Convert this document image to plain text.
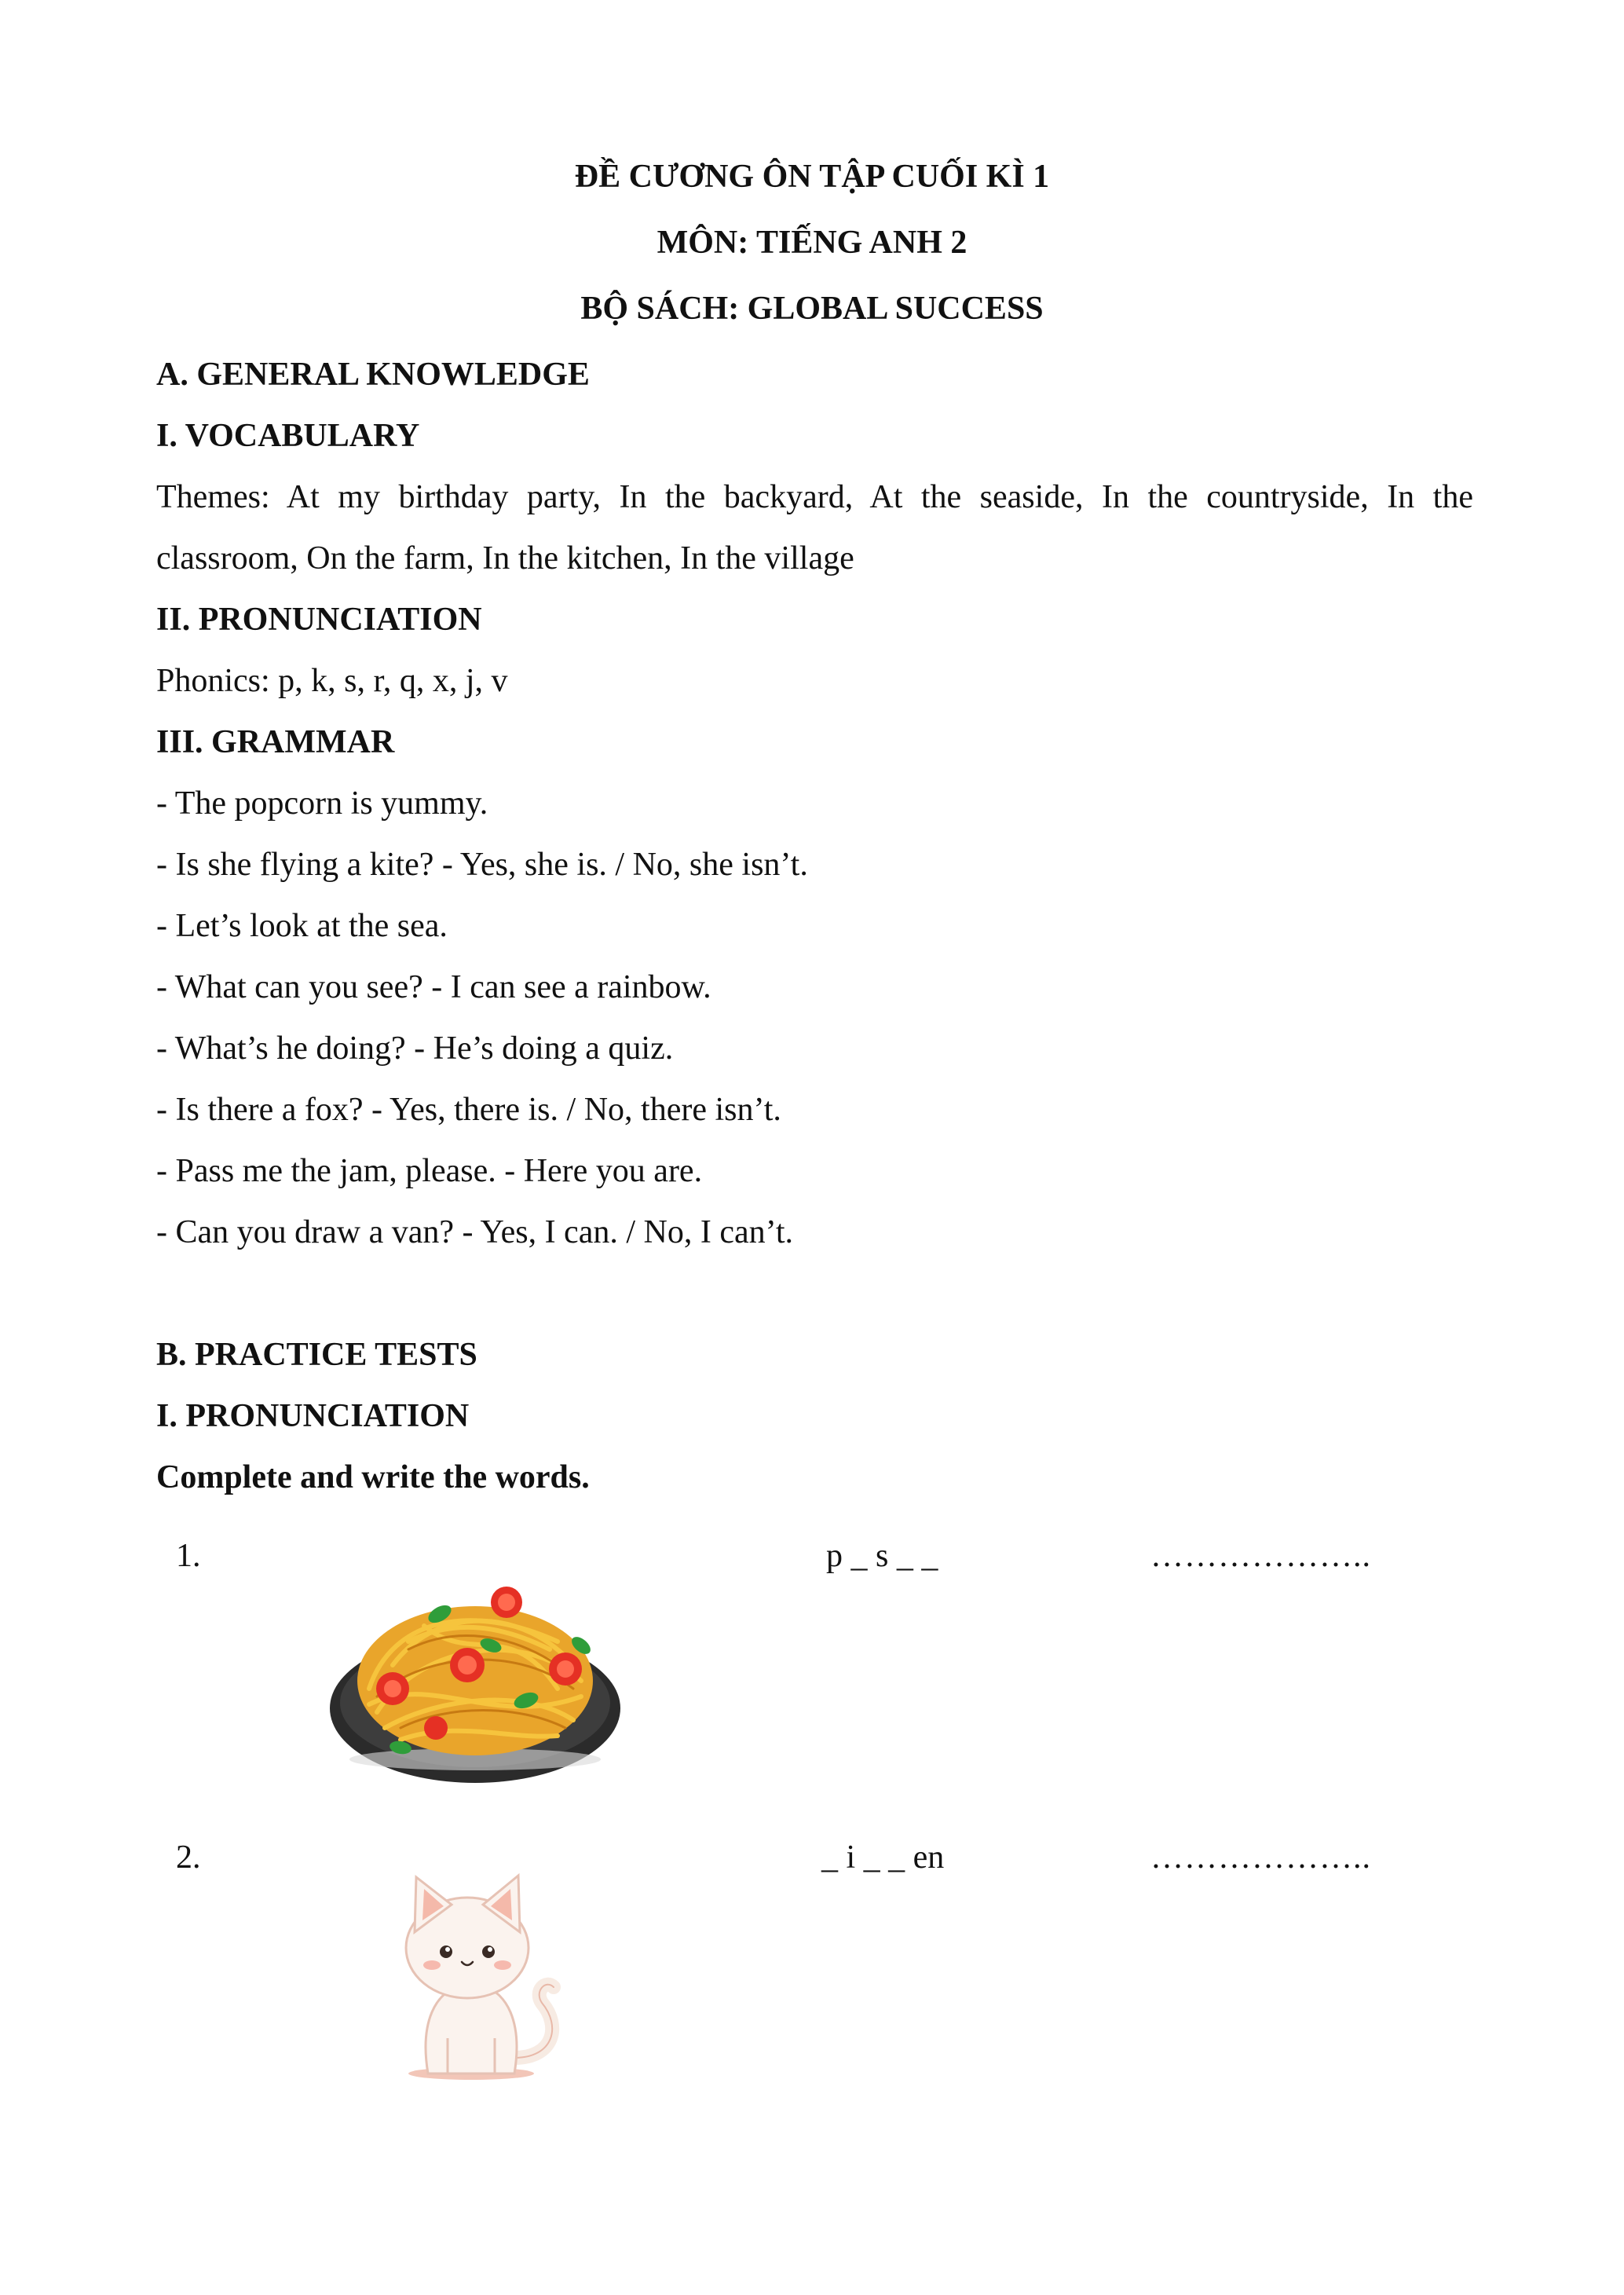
ĐỀ CƯƠNG ÔN TẬP CUỐI KÌ 1
MÔN: TIẾNG ANH 2
BỘ SÁCH: GLOBAL SUCCESS
A. GENERAL KNOWLEDGE
I. VOCABULARY
Themes: At my birthday party, In the backyard, At the seaside, In the countryside, In the
classroom, On the farm, In the kitchen, In the village
II. PRONUNCIATION
Phonics: p, k, s, r, q, x, j, v
III. GRAMMAR
- The popcorn is yummy.
- Is she flying a kite? - Yes, she is. / No, she isn’t.
- Let’s look at the sea.
- What can you see? - I can see a rainbow.
- What’s he doing? - He’s doing a quiz.
- Is there a fox? - Yes, there is. / No, there isn’t.
- Pass me the jam, please. - Here you are.
- Can you draw a van? - Yes, I can. / No, I can’t.
B. PRACTICE TESTS
I. PRONUNCIATION
Complete and write the words.
1.	p _ s _ _	………………..
2.	_ i _ _ en	………………..
